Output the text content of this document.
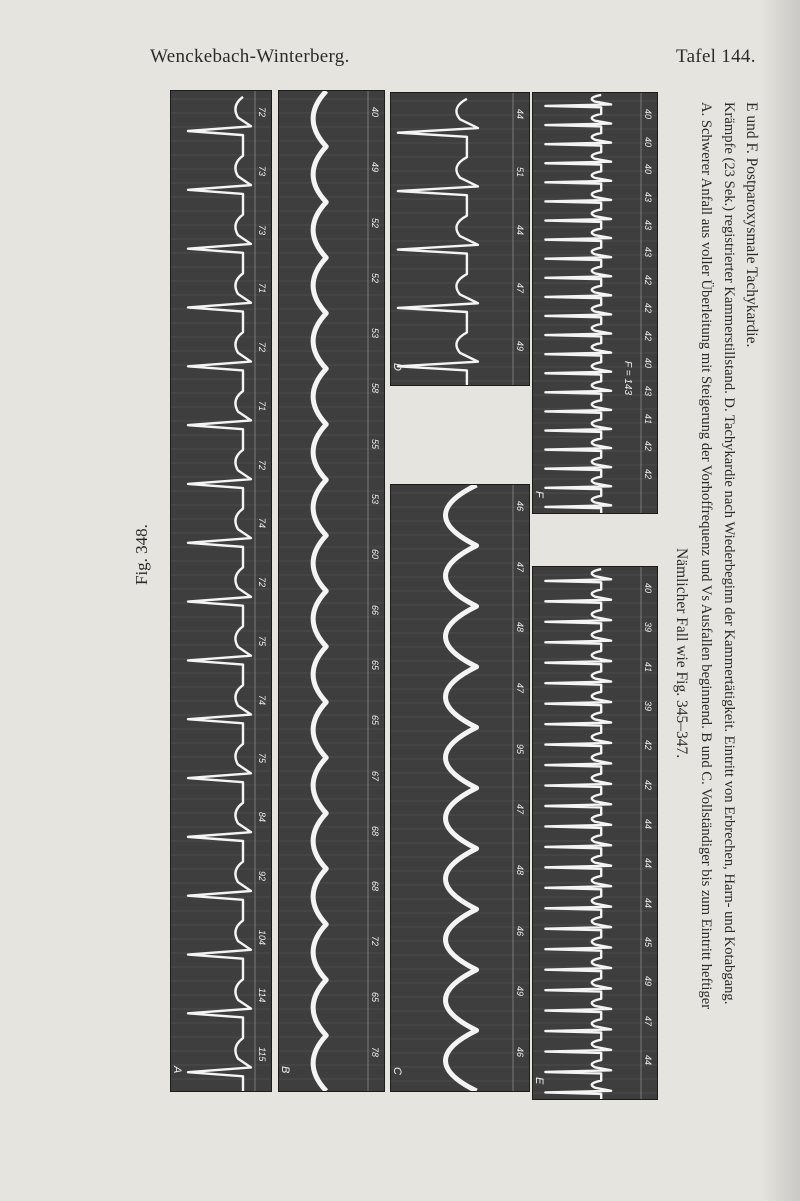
Wenckebach-Winterberg.	Tafel 144.
Fig. 348.
A
115
114
104
92
84
75
74
75
72
74
72
71
72
71
73
73
72
B
78
65
72
68
68
67
65
65
66
60
53
55
58
53
52
52
49
40
C
46
49
46
48
47
95
47
48
47
46
D
49
47
44
51
44
E
44
47
49
45
44
44
44
42
42
39
41
39
40
F
F = 143
42
42
41
43
40
42
42
42
43
43
43
40
40
40
Nämlicher Fall wie Fig. 345–347. A. Schwerer Anfall aus voller Überleitung mit Steigerung der Vorhoffrequenz und Vs Ausfallen beginnend. B und C. Vollständiger bis zum Eintritt heftiger Krämpfe (23 Sek.) registrierter Kammerstillstand. D. Tachykardie nach Wiederbeginn der Kammertätigkeit. Eintritt von Erbrechen, Harn- und Kotabgang. E und F. Postparoxysmale Tachykardie.
